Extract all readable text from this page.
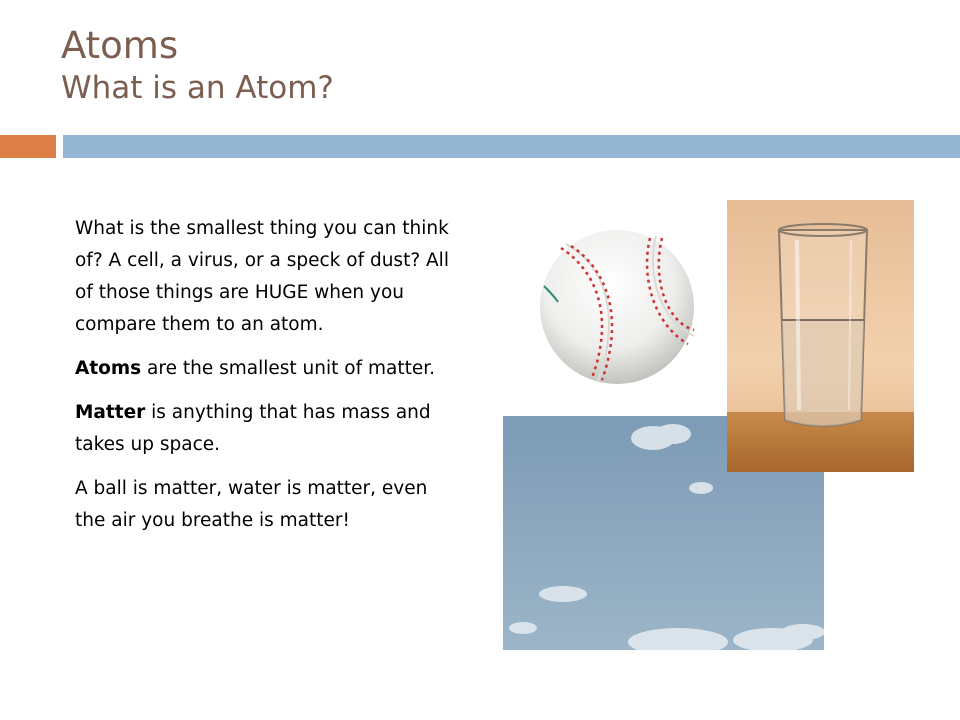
Atoms
What is an Atom?

What is the smallest thing you can think of? A cell, a virus, or a speck of dust? All of those things are HUGE when you compare them to an atom.

Atoms are the smallest unit of matter.

Matter is anything that has mass and takes up space.

A ball is matter, water is matter, even the air you breathe is matter!
